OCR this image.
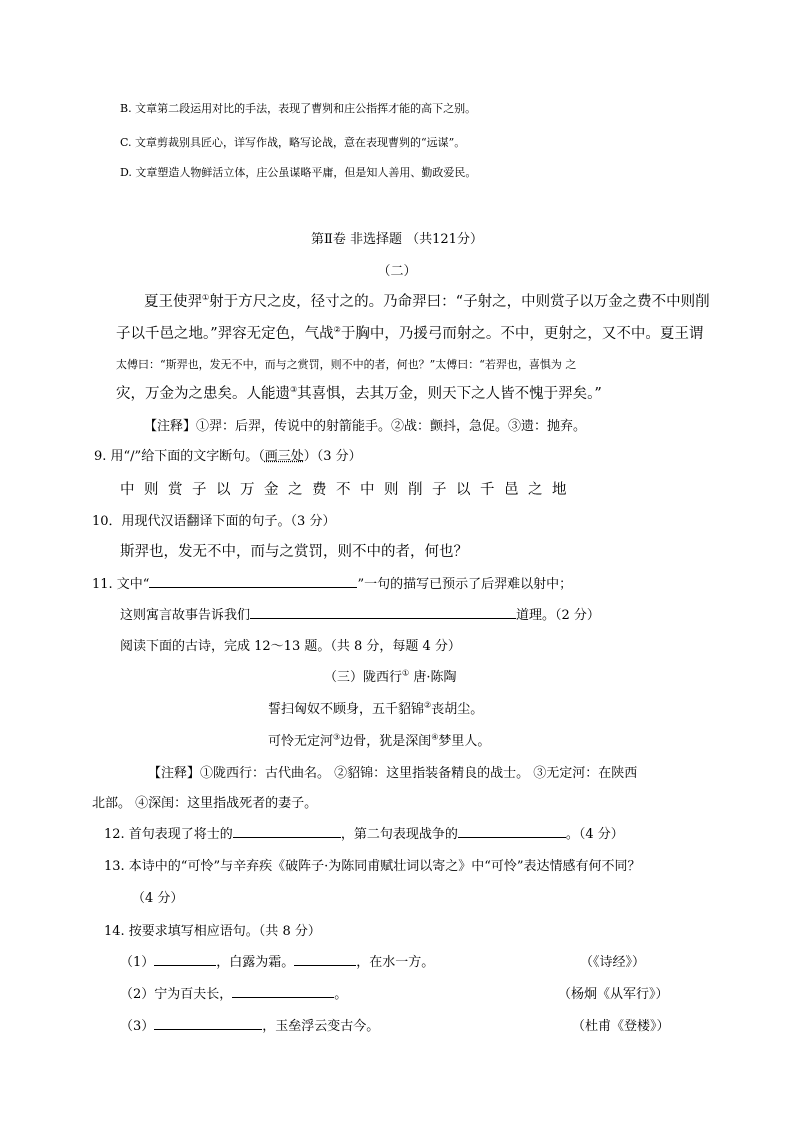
B. 文章第二段运用对比的手法，表现了曹刿和庄公指挥才能的高下之别。
C. 文章剪裁别具匠心，详写作战，略写论战，意在表现曹刿的“远谋”。
D. 文章塑造人物鲜活立体，庄公虽谋略平庸，但是知人善用、勤政爱民。
第Ⅱ卷 非选择题 （共121分）
（二）
夏王使羿①射于方尺之皮，径寸之的。乃命羿曰：“子射之，中则赏子以万金之费不中则削
子以千邑之地。”羿容无定色，气战②于胸中，乃援弓而射之。不中，更射之，又不中。夏王谓
太傅曰：“斯羿也，发无不中，而与之赏罚，则不中的者，何也？”太傅曰：“若羿也，喜惧为 之
灾，万金为之患矣。人能遗③其喜惧，去其万金，则天下之人皆不愧于羿矣。”
【注释】①羿：后羿，传说中的射箭能手。②战：颤抖，急促。③遗：抛弃。
9. 用“/”给下面的文字断句。（画三处）（3 分）
中则赏子以万金之费不中则削子以千邑之地
10．用现代汉语翻译下面的句子。（3 分）
斯羿也，发无不中，而与之赏罚，则不中的者，何也？
11. 文中“	”一句的描写已预示了后羿难以射中；
这则寓言故事告诉我们	道理。（2 分）
阅读下面的古诗，完成 12～13 题。（共 8 分，每题 4 分）
（三）陇西行① 唐·陈陶
誓扫匈奴不顾身，五千貂锦②丧胡尘。
可怜无定河③边骨，犹是深闺④梦里人。
【注释】①陇西行：古代曲名。 ②貂锦：这里指装备精良的战士。 ③无定河：在陕西
北部。 ④深闺：这里指战死者的妻子。
12. 首句表现了将士的	，第二句表现战争的	。（4 分）
13. 本诗中的“可怜”与辛弃疾《破阵子·为陈同甫赋壮词以寄之》中“可怜”表达情感有何不同？
（4 分）
14. 按要求填写相应语句。（共 8 分）
（1）	，白露为霜。	，在水一方。	（《诗经》）
（2）宁为百夫长，	。	（杨炯《从军行》）
（3）	，玉垒浮云变古今。	（杜甫《登楼》）
